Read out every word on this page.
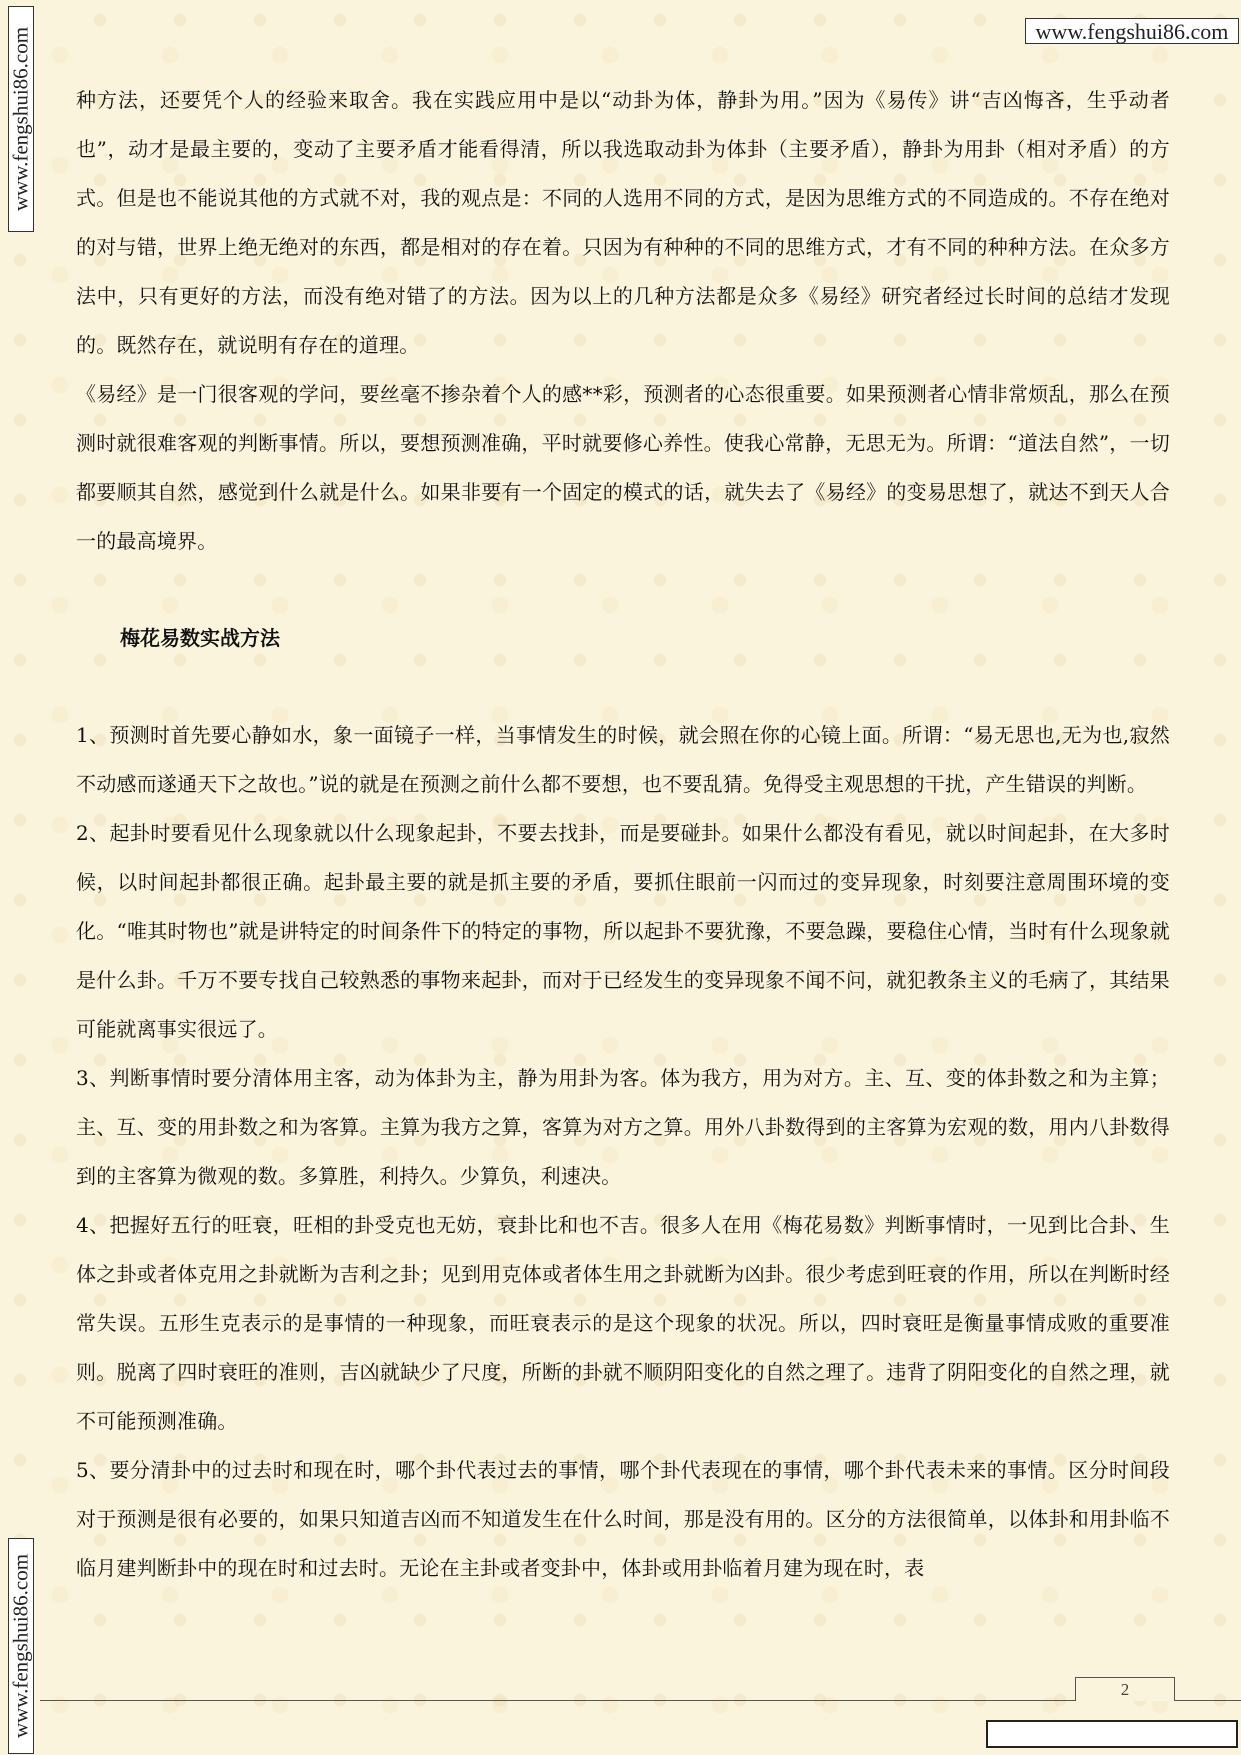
www.fengshui86.com
www.fengshui86.com
www.fengshui86.com

种方法，还要凭个人的经验来取舍。我在实践应用中是以“动卦为体，静卦为用。”因为《易传》讲“吉凶悔吝，生乎动者也”，动才是最主要的，变动了主要矛盾才能看得清，所以我选取动卦为体卦（主要矛盾），静卦为用卦（相对矛盾）的方式。但是也不能说其他的方式就不对，我的观点是：不同的人选用不同的方式，是因为思维方式的不同造成的。不存在绝对的对与错，世界上绝无绝对的东西，都是相对的存在着。只因为有种种的不同的思维方式，才有不同的种种方法。在众多方法中，只有更好的方法，而没有绝对错了的方法。因为以上的几种方法都是众多《易经》研究者经过长时间的总结才发现的。既然存在，就说明有存在的道理。

《易经》是一门很客观的学问，要丝毫不掺杂着个人的感**彩，预测者的心态很重要。如果预测者心情非常烦乱，那么在预测时就很难客观的判断事情。所以，要想预测准确，平时就要修心养性。使我心常静，无思无为。所谓：“道法自然”，一切都要顺其自然，感觉到什么就是什么。如果非要有一个固定的模式的话，就失去了《易经》的变易思想了，就达不到天人合一的最高境界。

梅花易数实战方法

1、预测时首先要心静如水，象一面镜子一样，当事情发生的时候，就会照在你的心镜上面。所谓：“易无思也,无为也,寂然不动感而遂通天下之故也。”说的就是在预测之前什么都不要想，也不要乱猜。免得受主观思想的干扰，产生错误的判断。

2、起卦时要看见什么现象就以什么现象起卦，不要去找卦，而是要碰卦。如果什么都没有看见，就以时间起卦，在大多时候，以时间起卦都很正确。起卦最主要的就是抓主要的矛盾，要抓住眼前一闪而过的变异现象，时刻要注意周围环境的变化。“唯其时物也”就是讲特定的时间条件下的特定的事物，所以起卦不要犹豫，不要急躁，要稳住心情，当时有什么现象就是什么卦。千万不要专找自己较熟悉的事物来起卦，而对于已经发生的变异现象不闻不问，就犯教条主义的毛病了，其结果可能就离事实很远了。

3、判断事情时要分清体用主客，动为体卦为主，静为用卦为客。体为我方，用为对方。主、互、变的体卦数之和为主算；主、互、变的用卦数之和为客算。主算为我方之算，客算为对方之算。用外八卦数得到的主客算为宏观的数，用内八卦数得到的主客算为微观的数。多算胜，利持久。少算负，利速决。

4、把握好五行的旺衰，旺相的卦受克也无妨，衰卦比和也不吉。很多人在用《梅花易数》判断事情时，一见到比合卦、生体之卦或者体克用之卦就断为吉利之卦；见到用克体或者体生用之卦就断为凶卦。很少考虑到旺衰的作用，所以在判断时经常失误。五形生克表示的是事情的一种现象，而旺衰表示的是这个现象的状况。所以，四时衰旺是衡量事情成败的重要准则。脱离了四时衰旺的准则，吉凶就缺少了尺度，所断的卦就不顺阴阳变化的自然之理了。违背了阴阳变化的自然之理，就不可能预测准确。

5、要分清卦中的过去时和现在时，哪个卦代表过去的事情，哪个卦代表现在的事情，哪个卦代表未来的事情。区分时间段对于预测是很有必要的，如果只知道吉凶而不知道发生在什么时间，那是没有用的。区分的方法很简单，以体卦和用卦临不临月建判断卦中的现在时和过去时。无论在主卦或者变卦中，体卦或用卦临着月建为现在时，表

2
